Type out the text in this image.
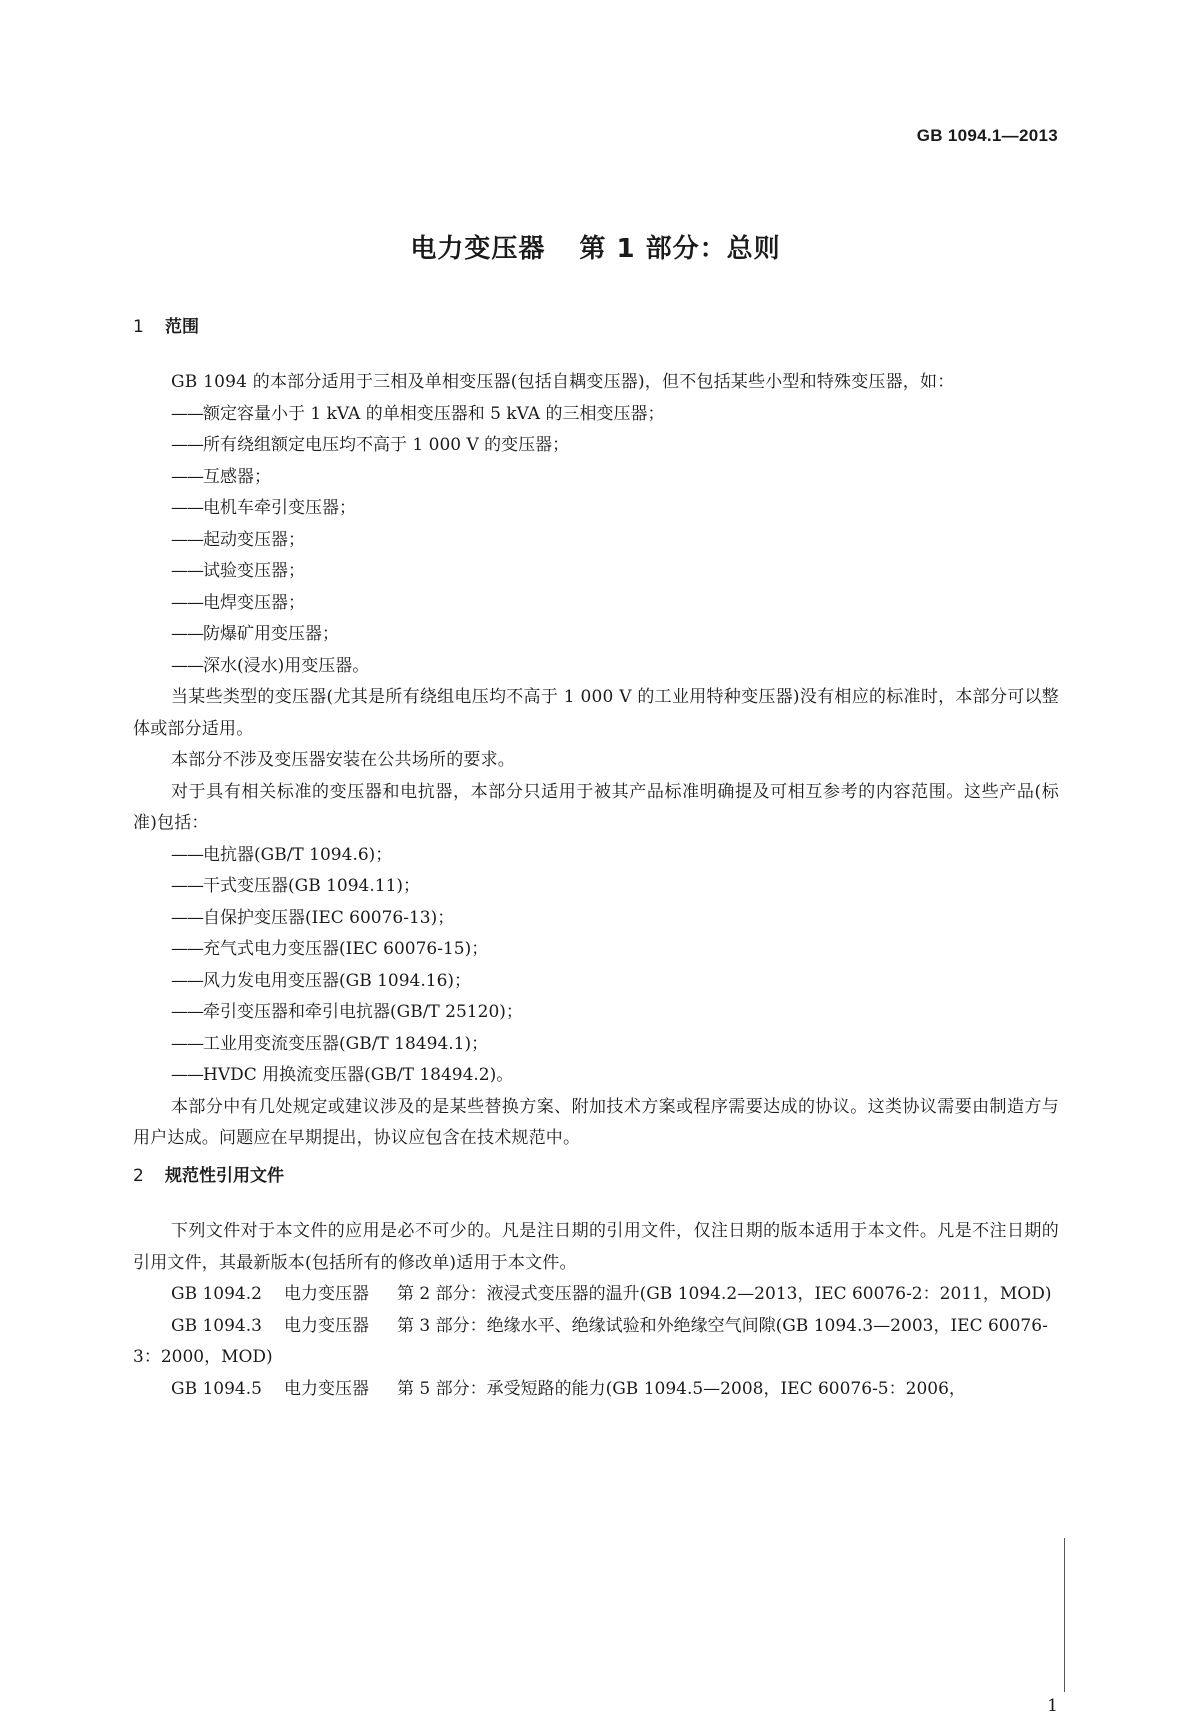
GB 1094.1—2013
电力变压器 第 1 部分：总则
1 范围
GB 1094 的本部分适用于三相及单相变压器(包括自耦变压器)，但不包括某些小型和特殊变压器，如：
——额定容量小于 1 kVA 的单相变压器和 5 kVA 的三相变压器；
——所有绕组额定电压均不高于 1 000 V 的变压器；
——互感器；
——电机车牵引变压器；
——起动变压器；
——试验变压器；
——电焊变压器；
——防爆矿用变压器；
——深水(浸水)用变压器。
当某些类型的变压器(尤其是所有绕组电压均不高于 1 000 V 的工业用特种变压器)没有相应的标准时，本部分可以整体或部分适用。
本部分不涉及变压器安装在公共场所的要求。
对于具有相关标准的变压器和电抗器，本部分只适用于被其产品标准明确提及可相互参考的内容范围。这些产品(标准)包括：
——电抗器(GB/T 1094.6)；
——干式变压器(GB 1094.11)；
——自保护变压器(IEC 60076-13)；
——充气式电力变压器(IEC 60076-15)；
——风力发电用变压器(GB 1094.16)；
——牵引变压器和牵引电抗器(GB/T 25120)；
——工业用变流变压器(GB/T 18494.1)；
——HVDC 用换流变压器(GB/T 18494.2)。
本部分中有几处规定或建议涉及的是某些替换方案、附加技术方案或程序需要达成的协议。这类协议需要由制造方与用户达成。问题应在早期提出，协议应包含在技术规范中。
2 规范性引用文件
下列文件对于本文件的应用是必不可少的。凡是注日期的引用文件，仅注日期的版本适用于本文件。凡是不注日期的引用文件，其最新版本(包括所有的修改单)适用于本文件。
GB 1094.2 电力变压器 第 2 部分：液浸式变压器的温升(GB 1094.2—2013，IEC 60076-2：2011，MOD)
GB 1094.3 电力变压器 第 3 部分：绝缘水平、绝缘试验和外绝缘空气间隙(GB 1094.3—2003，IEC 60076-3：2000，MOD)
GB 1094.5 电力变压器 第 5 部分：承受短路的能力(GB 1094.5—2008，IEC 60076-5：2006，
1
